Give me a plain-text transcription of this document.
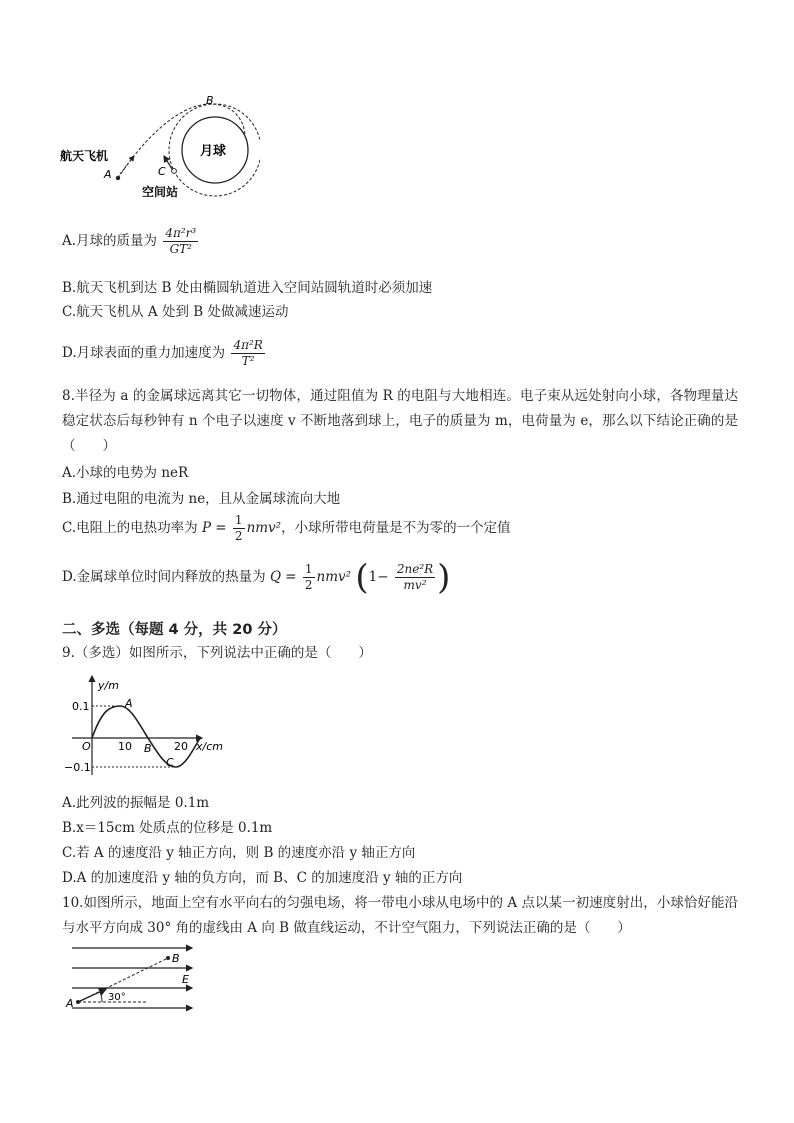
B
航天飞机
A	C
月球
空间站
A.月球的质量为 $\frac{\text{4π²r³}}{\text{GT²}}$
B.航天飞机到达 B 处由椭圆轨道进入空间站圆轨道时必须加速
C.航天飞机从 A 处到 B 处做减速运动
D.月球表面的重力加速度为 $\frac{\text{4π²R}}{\text{T²}}$
8.半径为 a 的金属球远离其它一切物体，通过阻值为 R 的电阻与大地相连。电子束从远处射向小球，各物理量达稳定状态后每秒钟有 n 个电子以速度 v 不断地落到球上，电子的质量为 m，电荷量为 e，那么以下结论正确的是（　　）
A.小球的电势为 neR
B.通过电阻的电流为 ne，且从金属球流向大地
C.电阻上的电热功率为 $P = \frac{1}{2} nmv^2$，小球所带电荷量是不为零的一个定值
D.金属球单位时间内释放的热量为 $Q = \frac{1}{2} nmv^2$ ($1- \frac{\text{2ne²R}}{\text{mv²}}$ )
二、多选（每题 4 分，共 20 分）
9.（多选）如图所示，下列说法中正确的是（　　）
y/m
x/cm
0.1
−0.1
O 10	20
A
B
C
A.此列波的振幅是 0.1m
B.x＝15cm 处质点的位移是 0.1m
C.若 A 的速度沿 y 轴正方向，则 B 的速度亦沿 y 轴正方向
D.A 的加速度沿 y 轴的负方向，而 B、C 的加速度沿 y 轴的正方向
10.如图所示，地面上空有水平向右的匀强电场，将一带电小球从电场中的 A 点以某一初速度射出，小球恰好能沿与水平方向成 30° 角的虚线由 A 向 B 做直线运动，不计空气阻力，下列说法正确的是（　　）
B
E
A	30°
